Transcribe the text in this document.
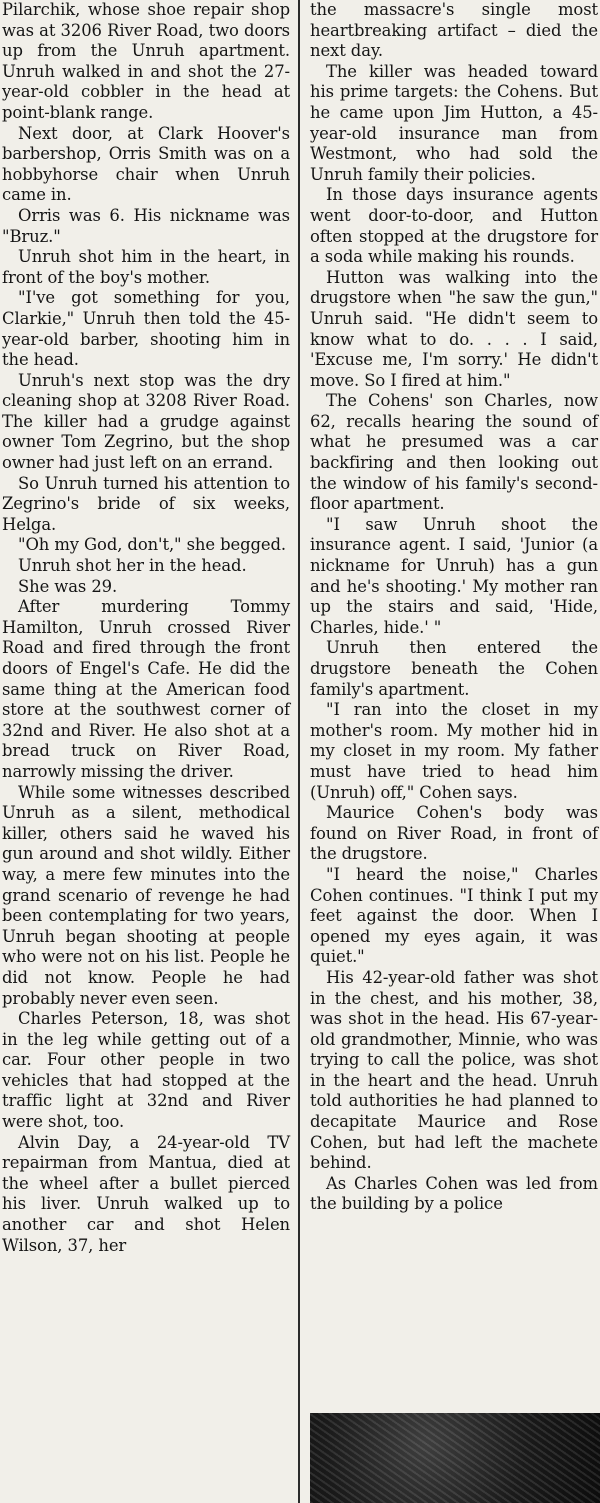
Pilarchik, whose shoe repair shop was at 3206 River Road, two doors up from the Unruh apartment. Unruh walked in and shot the 27-year-old cobbler in the head at point-blank range.

Next door, at Clark Hoover's barbershop, Orris Smith was on a hobbyhorse chair when Unruh came in.

Orris was 6. His nickname was "Bruz."

Unruh shot him in the heart, in front of the boy's mother.

"I've got something for you, Clarkie," Unruh then told the 45-year-old barber, shooting him in the head.

Unruh's next stop was the dry cleaning shop at 3208 River Road. The killer had a grudge against owner Tom Zegrino, but the shop owner had just left on an errand.

So Unruh turned his attention to Zegrino's bride of six weeks, Helga.

"Oh my God, don't," she begged.

Unruh shot her in the head.

She was 29.

After murdering Tommy Hamilton, Unruh crossed River Road and fired through the front doors of Engel's Cafe. He did the same thing at the American food store at the southwest corner of 32nd and River. He also shot at a bread truck on River Road, narrowly missing the driver.

While some witnesses described Unruh as a silent, methodical killer, others said he waved his gun around and shot wildly. Either way, a mere few minutes into the grand scenario of revenge he had been contemplating for two years, Unruh began shooting at people who were not on his list. People he did not know. People he had probably never even seen.

Charles Peterson, 18, was shot in the leg while getting out of a car. Four other people in two vehicles that had stopped at the traffic light at 32nd and River were shot, too.

Alvin Day, a 24-year-old TV repairman from Mantua, died at the wheel after a bullet pierced his liver. Unruh walked up to another car and shot Helen Wilson, 37, her

the massacre's single most heartbreaking artifact – died the next day.

The killer was headed toward his prime targets: the Cohens. But he came upon Jim Hutton, a 45-year-old insurance man from Westmont, who had sold the Unruh family their policies.

In those days insurance agents went door-to-door, and Hutton often stopped at the drugstore for a soda while making his rounds.

Hutton was walking into the drugstore when "he saw the gun," Unruh said. "He didn't seem to know what to do. . . . I said, 'Excuse me, I'm sorry.' He didn't move. So I fired at him."

The Cohens' son Charles, now 62, recalls hearing the sound of what he presumed was a car backfiring and then looking out the window of his family's second-floor apartment.

"I saw Unruh shoot the insurance agent. I said, 'Junior (a nickname for Unruh) has a gun and he's shooting.' My mother ran up the stairs and said, 'Hide, Charles, hide.' "

Unruh then entered the drugstore beneath the Cohen family's apartment.

"I ran into the closet in my mother's room. My mother hid in my closet in my room. My father must have tried to head him (Unruh) off," Cohen says.

Maurice Cohen's body was found on River Road, in front of the drugstore.

"I heard the noise," Charles Cohen continues. "I think I put my feet against the door. When I opened my eyes again, it was quiet."

His 42-year-old father was shot in the chest, and his mother, 38, was shot in the head. His 67-year-old grandmother, Minnie, who was trying to call the police, was shot in the heart and the head. Unruh told authorities he had planned to decapitate Maurice and Rose Cohen, but had left the machete behind.

As Charles Cohen was led from the building by a police
